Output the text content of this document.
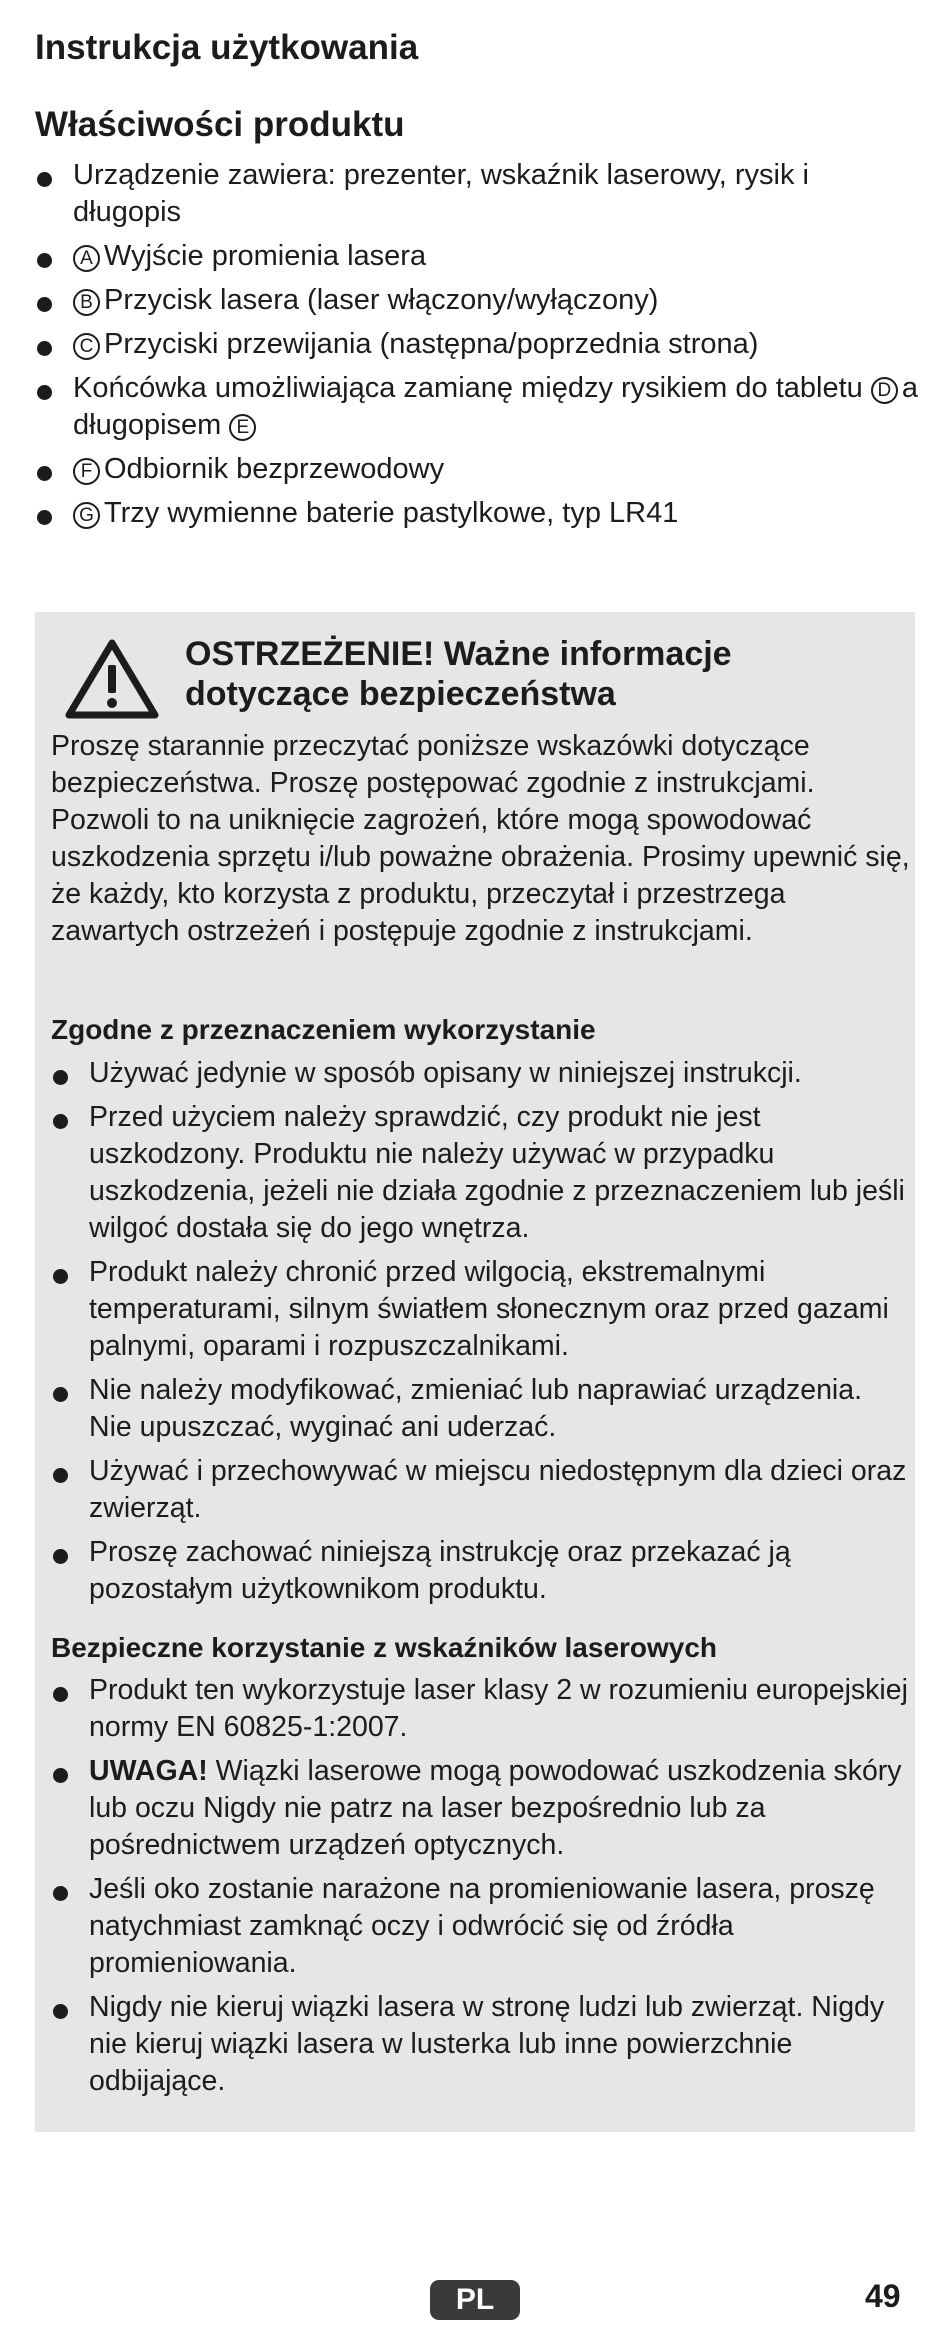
Instrukcja użytkowania
Właściwości produktu
Urządzenie zawiera: prezenter, wskaźnik laserowy, rysik i długopis
A Wyjście promienia lasera
B Przycisk lasera (laser włączony/wyłączony)
C Przyciski przewijania (następna/poprzednia strona)
Końcówka umożliwiająca zamianę między rysikiem do tabletu D a długopisem E
F Odbiornik bezprzewodowy
G Trzy wymienne baterie pastylkowe, typ LR41
OSTRZEŻENIE! Ważne informacje dotyczące bezpieczeństwa

Proszę starannie przeczytać poniższe wskazówki dotyczące bezpieczeństwa. Proszę postępować zgodnie z instrukcjami. Pozwoli to na uniknięcie zagrożeń, które mogą spowodować uszkodzenia sprzętu i/lub poważne obrażenia. Prosimy upewnić się, że każdy, kto korzysta z produktu, przeczytał i przestrzega zawartych ostrzeżeń i postępuje zgodnie z instrukcjami.

Zgodne z przeznaczeniem wykorzystanie
Używać jedynie w sposób opisany w niniejszej instrukcji.
Przed użyciem należy sprawdzić, czy produkt nie jest uszkodzony. Produktu nie należy używać w przypadku uszkodzenia, jeżeli nie działa zgodnie z przeznaczeniem lub jeśli wilgoć dostała się do jego wnętrza.
Produkt należy chronić przed wilgocią, ekstremalnymi temperaturami, silnym światłem słonecznym oraz przed gazami palnymi, oparami i rozpuszczalnikami.
Nie należy modyfikować, zmieniać lub naprawiać urządzenia. Nie upuszczać, wyginać ani uderzać.
Używać i przechowywać w miejscu niedostępnym dla dzieci oraz zwierząt.
Proszę zachować niniejszą instrukcję oraz przekazać ją pozostałym użytkownikom produktu.
Bezpieczne korzystanie z wskaźników laserowych
Produkt ten wykorzystuje laser klasy 2 w rozumieniu europejskiej normy EN 60825-1:2007.
UWAGA! Wiązki laserowe mogą powodować uszkodzenia skóry lub oczu Nigdy nie patrz na laser bezpośrednio lub za pośrednictwem urządzeń optycznych.
Jeśli oko zostanie narażone na promieniowanie lasera, proszę natychmiast zamknąć oczy i odwrócić się od źródła promieniowania.
Nigdy nie kieruj wiązki lasera w stronę ludzi lub zwierząt. Nigdy nie kieruj wiązki lasera w lusterka lub inne powierzchnie odbijające.
PL	49
